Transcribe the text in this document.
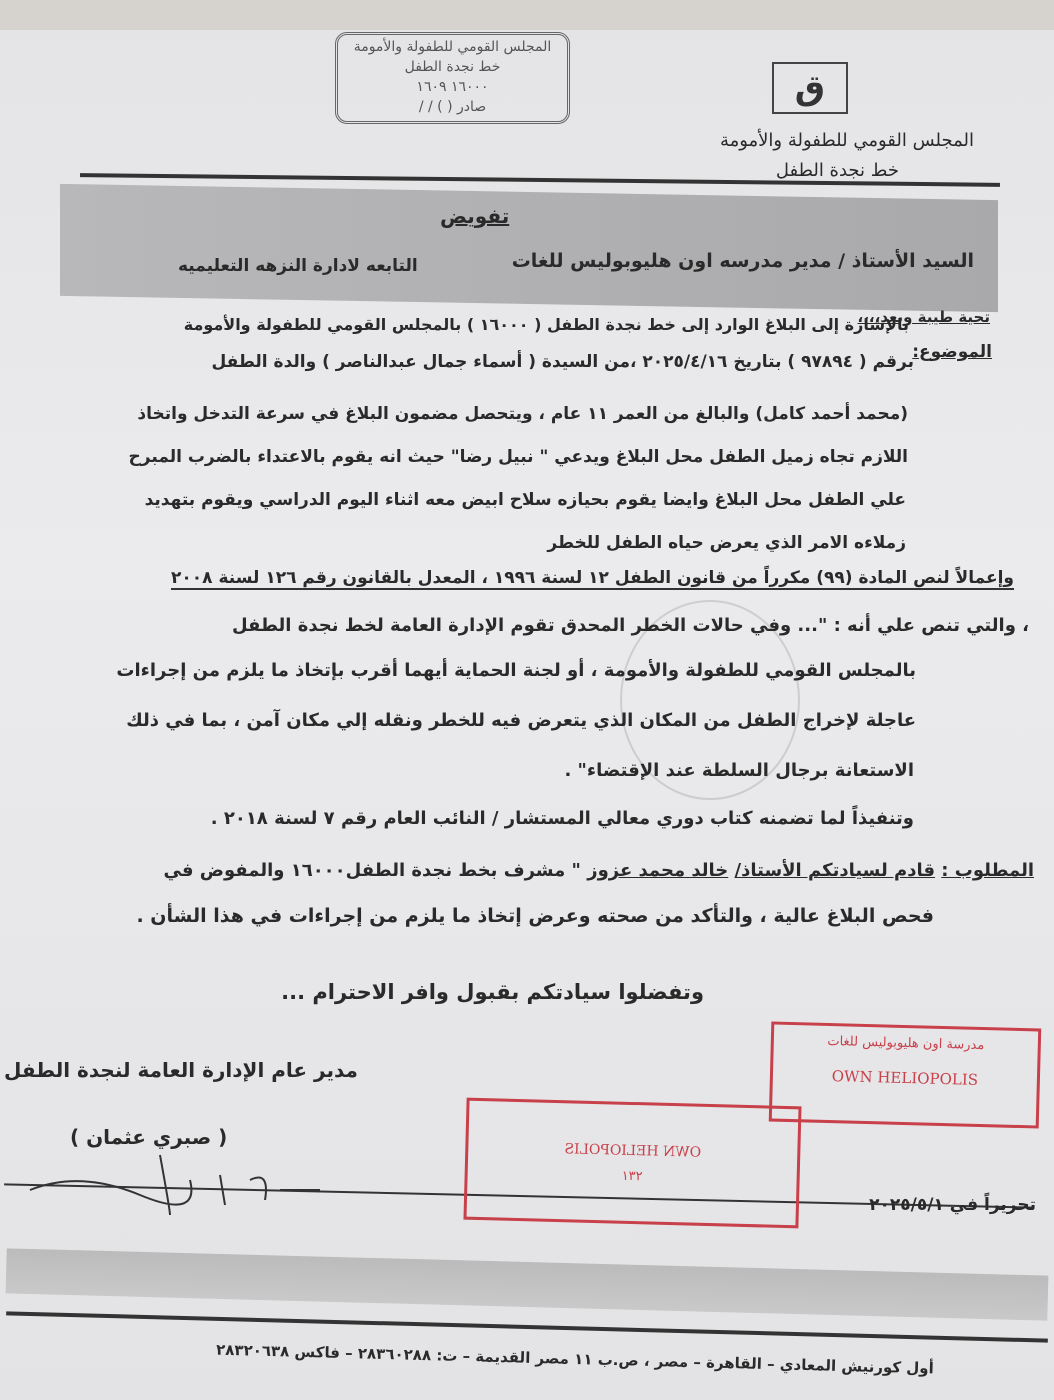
ق
المجلس القومي للطفولة والأمومة
خط نجدة الطفل
١٦٠٠٠ ١٦٠٩
صادر ( ) / /
المجلس القومي للطفولة والأمومة
خط نجدة الطفل
تفويض
السيد الأستاذ / مدير مدرسه اون هليوبوليس للغات
التابعه لادارة النزهه التعليميه
تحية طيبة وبعد،،،،
الموضوع:
بالإشارة إلى البلاغ الوارد إلى خط نجدة الطفل ( ١٦٠٠٠ ) بالمجلس القومي للطفولة والأمومة
برقم ( ٩٧٨٩٤ ) بتاريخ ٢٠٢٥/٤/١٦ ،من السيدة ( أسماء جمال عبدالناصر ) والدة الطفل
(محمد أحمد كامل) والبالغ من العمر ١١ عام ، ويتحصل مضمون البلاغ في سرعة التدخل واتخاذ
اللازم تجاه زميل الطفل محل البلاغ ويدعي " نبيل رضا" حيث انه يقوم بالاعتداء بالضرب المبرح
علي الطفل محل البلاغ وايضا يقوم بحيازه سلاح ابيض معه اثناء اليوم الدراسي ويقوم بتهديد
زملاءه الامر الذي يعرض حياه الطفل للخطر
وإعمالاً لنص المادة (٩٩) مكرراً من قانون الطفل ١٢ لسنة ١٩٩٦ ، المعدل بالقانون رقم ١٢٦ لسنة ٢٠٠٨
، والتي تنص علي أنه : "... وفي حالات الخطر المحدق تقوم الإدارة العامة لخط نجدة الطفل
بالمجلس القومي للطفولة والأمومة ، أو لجنة الحماية أيهما أقرب بإتخاذ ما يلزم من إجراءات
عاجلة لإخراج الطفل من المكان الذي يتعرض فيه للخطر ونقله إلي مكان آمن ، بما في ذلك
الاستعانة برجال السلطة عند الإقتضاء" .
وتنفيذاً لما تضمنه كتاب دوري معالي المستشار / النائب العام رقم ٧ لسنة ٢٠١٨ .
المطلوب : قادم لسيادتكم الأستاذ/ خالد محمد عزوز " مشرف بخط نجدة الطفل١٦٠٠٠ والمفوض في
فحص البلاغ عالية ، والتأكد من صحته وعرض إتخاذ ما يلزم من إجراءات في هذا الشأن .
وتفضلوا سيادتكم بقبول وافر الاحترام ...
مدير عام الإدارة العامة لنجدة الطفل
( صبري عثمان )
تحريراً في ٢٠٢٥/٥/١
مدرسة اون هليوبوليس للغات
OWN HELIOPOLIS
OWN HELIOPOLIS
١٣٢
أول كورنيش المعادي – القاهرة – مصر ، ص.ب ١١ مصر القديمة – ت: ٢٨٣٦٠٢٨٨ – فاكس ٢٨٣٢٠٦٣٨
